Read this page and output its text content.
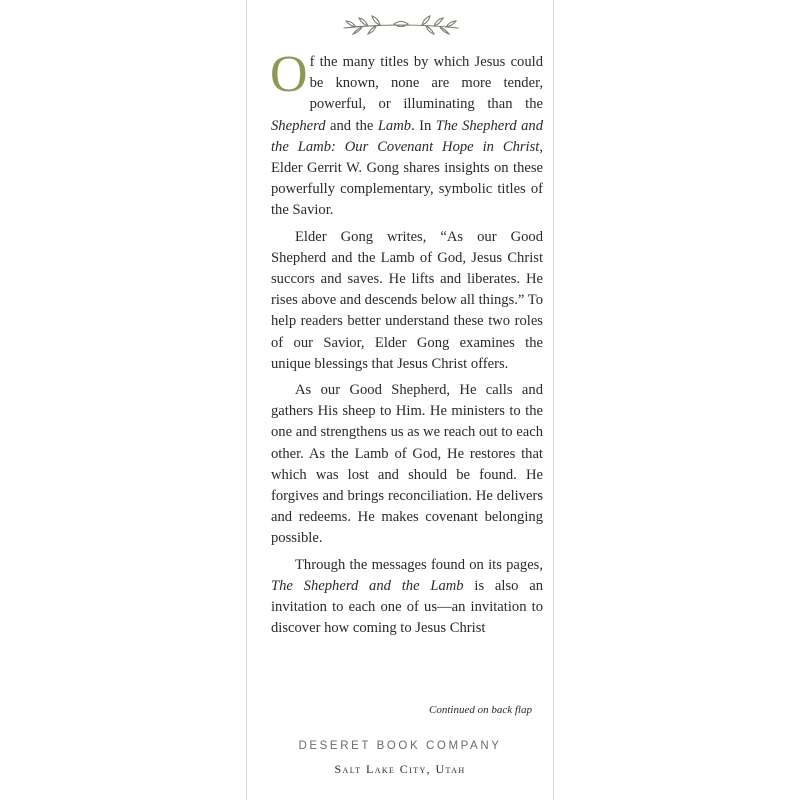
Of the many titles by which Jesus could be known, none are more tender, powerful, or illuminating than the Shepherd and the Lamb. In The Shepherd and the Lamb: Our Covenant Hope in Christ, Elder Gerrit W. Gong shares insights on these powerfully complementary, symbolic titles of the Savior.

Elder Gong writes, “As our Good Shepherd and the Lamb of God, Jesus Christ succors and saves. He lifts and liberates. He rises above and descends below all things.” To help readers better understand these two roles of our Savior, Elder Gong examines the unique blessings that Jesus Christ offers.

As our Good Shepherd, He calls and gathers His sheep to Him. He ministers to the one and strengthens us as we reach out to each other. As the Lamb of God, He restores that which was lost and should be found. He forgives and brings reconciliation. He delivers and redeems. He makes covenant belonging possible.

Through the messages found on its pages, The Shepherd and the Lamb is also an invitation to each one of us—an invitation to discover how coming to Jesus Christ

Continued on back flap
DESERET BOOK COMPANY
Salt Lake City, Utah
